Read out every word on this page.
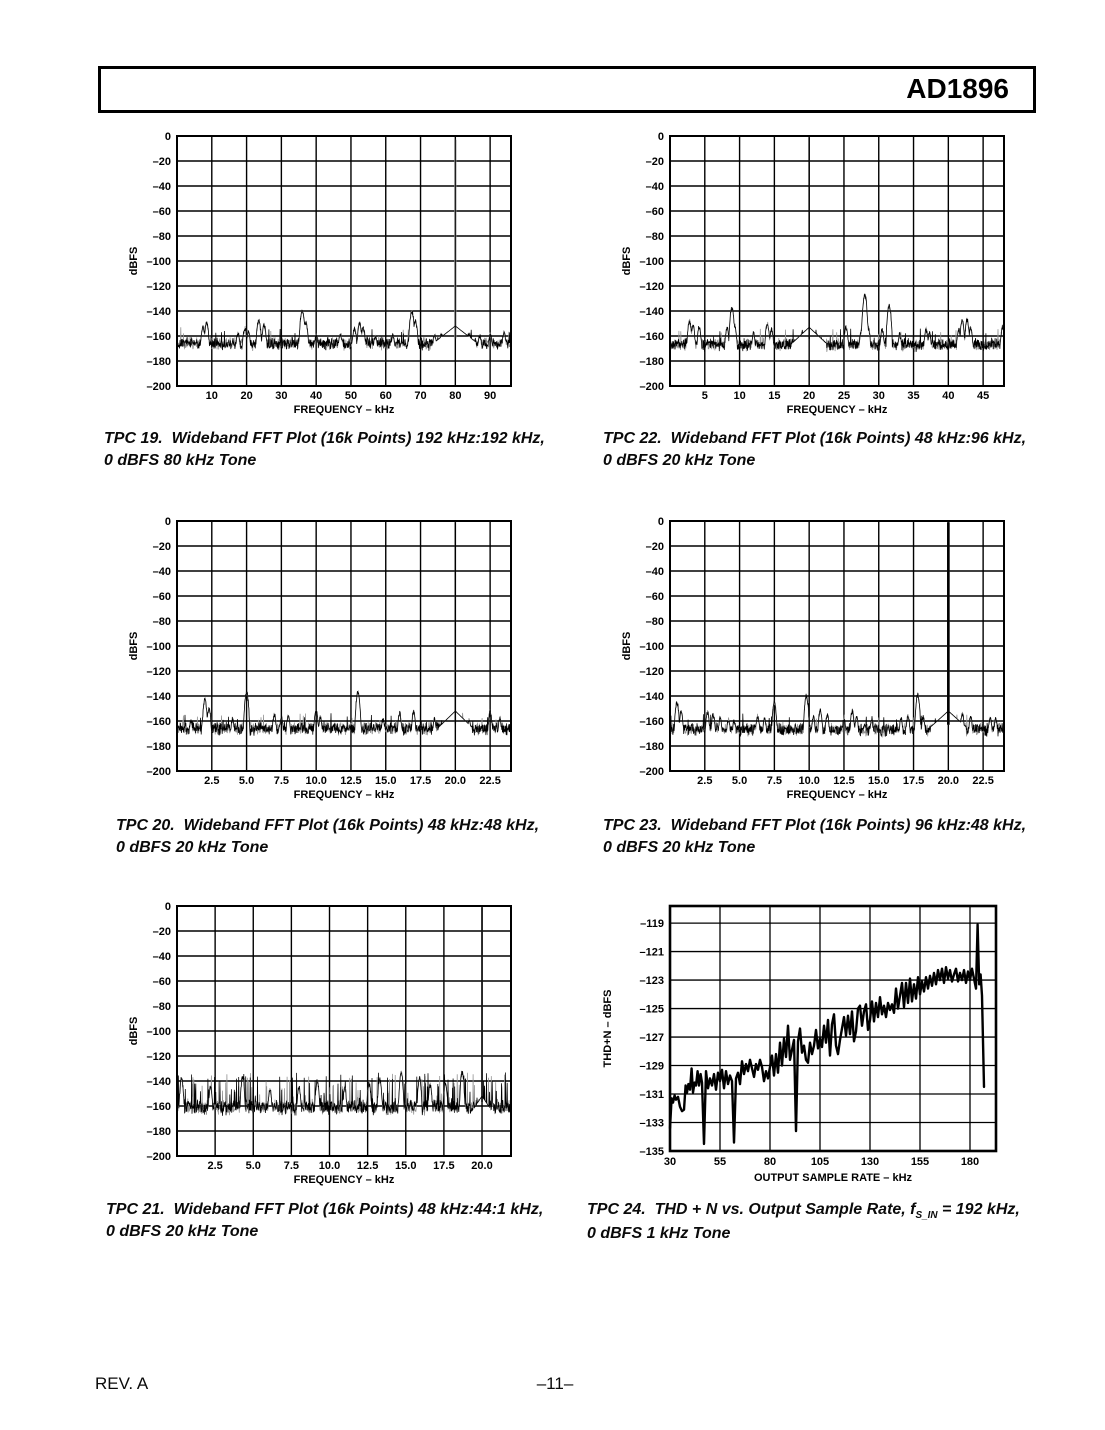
AD1896
10 20 30 40 50 60 70 80 90
0
–20
–40
–60
–80
–100
–120
–140
–160
–180
–200
FREQUENCY – kHz
dBFS
5 10 15 20 25 30 35 40 45
0
–20
–40
–60
–80
–100
–120
–140
–160
–180
–200
FREQUENCY – kHz
dBFS

TPC 19.  Wideband FFT Plot (16k Points) 192 kHz:192 kHz,
0 dBFS 80 kHz Tone

TPC 22.  Wideband FFT Plot (16k Points) 48 kHz:96 kHz,
0 dBFS 20 kHz Tone

2.5 5.0 7.5 10.0 12.5 15.0 17.5 20.0 22.5
0
–20
–40
–60
–80
–100
–120
–140
–160
–180
–200
FREQUENCY – kHz
dBFS
2.5 5.0 7.5 10.0 12.5 15.0 17.5 20.0 22.5
0
–20
–40
–60
–80
–100
–120
–140
–160
–180
–200
FREQUENCY – kHz
dBFS

TPC 20.  Wideband FFT Plot (16k Points) 48 kHz:48 kHz,
0 dBFS 20 kHz Tone

TPC 23.  Wideband FFT Plot (16k Points) 96 kHz:48 kHz,
0 dBFS 20 kHz Tone

2.5 5.0 7.5 10.0 12.5 15.0 17.5 20.0
0
–20
–40
–60
–80
–100
–120
–140
–160
–180
–200
FREQUENCY – kHz
dBFS
30	55	80	105	130	155	180
–119
–121
–123
–125
–127
–129
–131
–133
–135
OUTPUT SAMPLE RATE – kHz
THD+N – dBFS

TPC 21.  Wideband FFT Plot (16k Points) 48 kHz:44:1 kHz,
0 dBFS 20 kHz Tone

TPC 24.  THD + N vs. Output Sample Rate, $f_{S\_IN} = 192$ kHz,
0 dBFS 1 kHz Tone

REV. A	–11–
